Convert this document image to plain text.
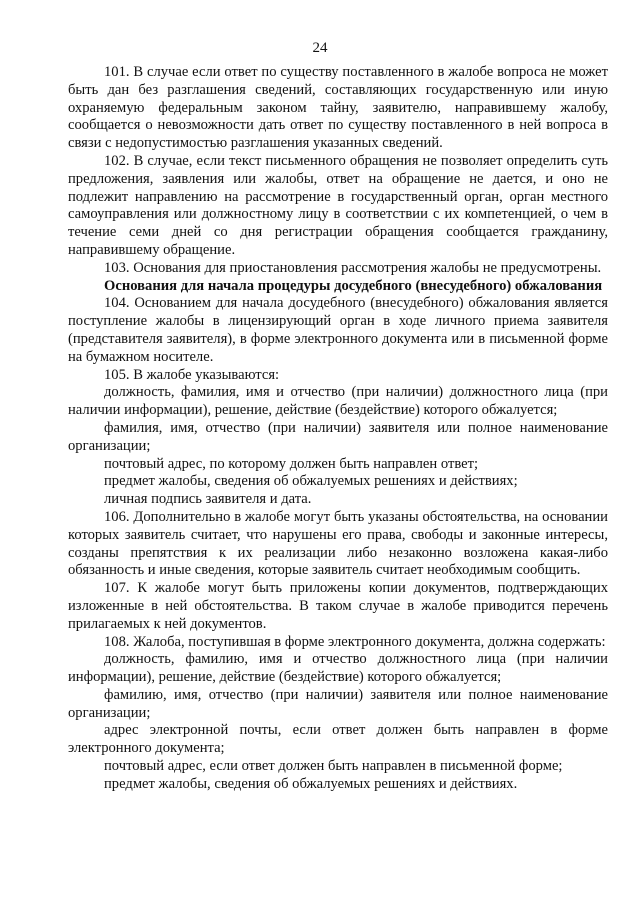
24

101. В случае если ответ по существу поставленного в жалобе вопроса не может быть дан без разглашения сведений, составляющих государственную или иную охраняемую федеральным законом тайну, заявителю, направившему жалобу, сообщается о невозможности дать ответ по существу поставленного в ней вопроса в связи с недопустимостью разглашения указанных сведений.

102. В случае, если текст письменного обращения не позволяет определить суть предложения, заявления или жалобы, ответ на обращение не дается, и оно не подлежит направлению на рассмотрение в государственный орган, орган местного самоуправления или должностному лицу в соответствии с их компетенцией, о чем в течение семи дней со дня регистрации обращения сообщается гражданину, направившему обращение.

103. Основания для приостановления рассмотрения жалобы не предусмотрены.

Основания для начала процедуры досудебного (внесудебного) обжалования

104. Основанием для начала досудебного (внесудебного) обжалования является поступление жалобы в лицензирующий орган в ходе личного приема заявителя (представителя заявителя), в форме электронного документа или в письменной форме на бумажном носителе.

105. В жалобе указываются:

должность, фамилия, имя и отчество (при наличии) должностного лица (при наличии информации), решение, действие (бездействие) которого обжалуется;

фамилия, имя, отчество (при наличии) заявителя или полное наименование организации;

почтовый адрес, по которому должен быть направлен ответ;

предмет жалобы, сведения об обжалуемых решениях и действиях;

личная подпись заявителя и дата.

106. Дополнительно в жалобе могут быть указаны обстоятельства, на основании которых заявитель считает, что нарушены его права, свободы и законные интересы, созданы препятствия к их реализации либо незаконно возложена какая-либо обязанность и иные сведения, которые заявитель считает необходимым сообщить.

107. К жалобе могут быть приложены копии документов, подтверждающих изложенные в ней обстоятельства. В таком случае в жалобе приводится перечень прилагаемых к ней документов.

108. Жалоба, поступившая в форме электронного документа, должна содержать:

должность, фамилию, имя и отчество должностного лица (при наличии информации), решение, действие (бездействие) которого обжалуется;

фамилию, имя, отчество (при наличии) заявителя или полное наименование организации;

адрес электронной почты, если ответ должен быть направлен в форме электронного документа;

почтовый адрес, если ответ должен быть направлен в письменной форме;

предмет жалобы, сведения об обжалуемых решениях и действиях.
